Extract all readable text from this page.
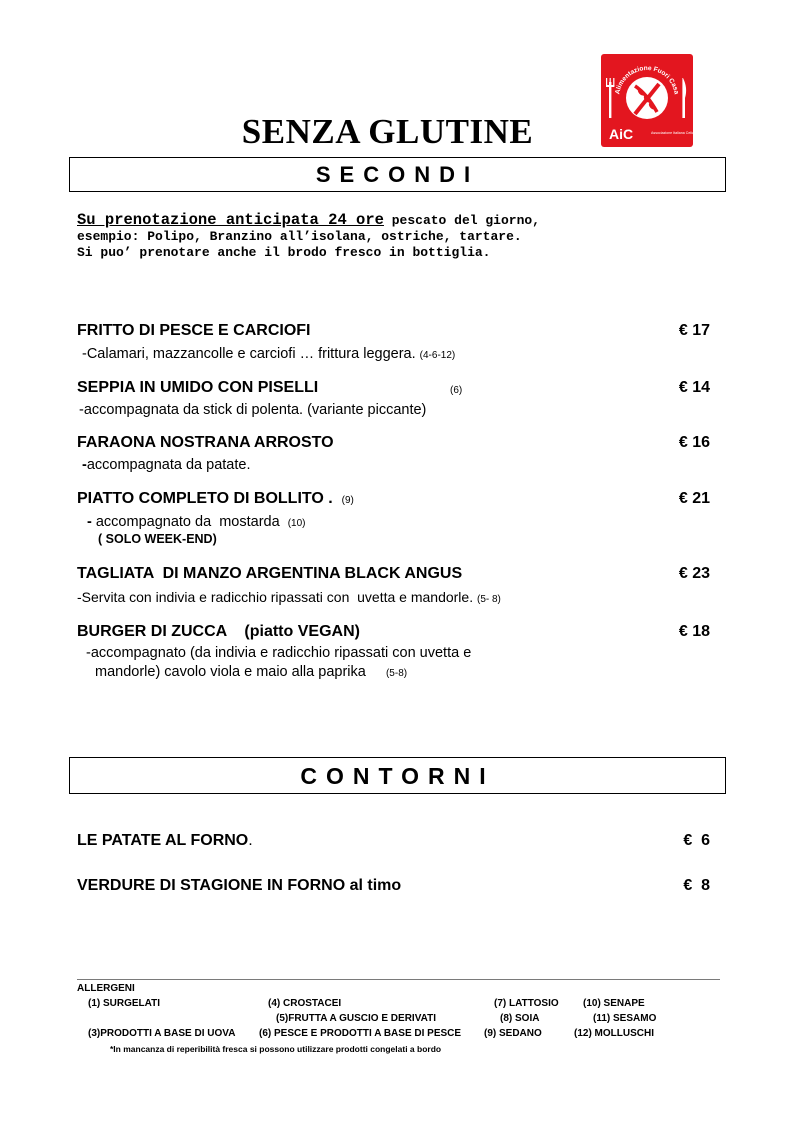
Alimentazione Fuori Casa
AiC	Associazione Italiana Celi
SENZA GLUTINE
SECONDI
Su prenotazione anticipata 24 ore pescato del giorno,
esempio: Polipo, Branzino all’isolana, ostriche, tartare.
Si puo’ prenotare anche il brodo fresco in bottiglia.
FRITTO DI PESCE E CARCIOFI	€ 17
-Calamari, mazzancolle e carciofi … frittura leggera. (4-6-12)
SEPPIA IN UMIDO CON PISELLI	(6)	€ 14
-accompagnata da stick di polenta. (variante piccante)
FARAONA NOSTRANA ARROSTO	€ 16
-accompagnata da patate.
PIATTO COMPLETO DI BOLLITO . (9)	€ 21
- accompagnato da  mostarda (10)
( SOLO WEEK-END)
TAGLIATA  DI MANZO ARGENTINA BLACK ANGUS	€ 23
-Servita con indivia e radicchio ripassati con  uvetta e mandorle. (5- 8)
BURGER DI ZUCCA    (piatto VEGAN)	€ 18
-accompagnato (da indivia e radicchio ripassati con uvetta e
mandorle) cavolo viola e maio alla paprika (5-8)
CONTORNI
LE PATATE AL FORNO.	€  6
VERDURE DI STAGIONE IN FORNO al timo	€  8
ALLERGENI
(1) SURGELATI	(4) CROSTACEI	(7) LATTOSIO (10) SENAPE
(5)FRUTTA A GUSCIO E DERIVATI	(8) SOIA	(11) SESAMO
(3)PRODOTTI A BASE DI UOVA (6) PESCE E PRODOTTI A BASE DI PESCE (9) SEDANO	(12) MOLLUSCHI
*In mancanza di reperibilità fresca si possono utilizzare prodotti congelati a bordo
